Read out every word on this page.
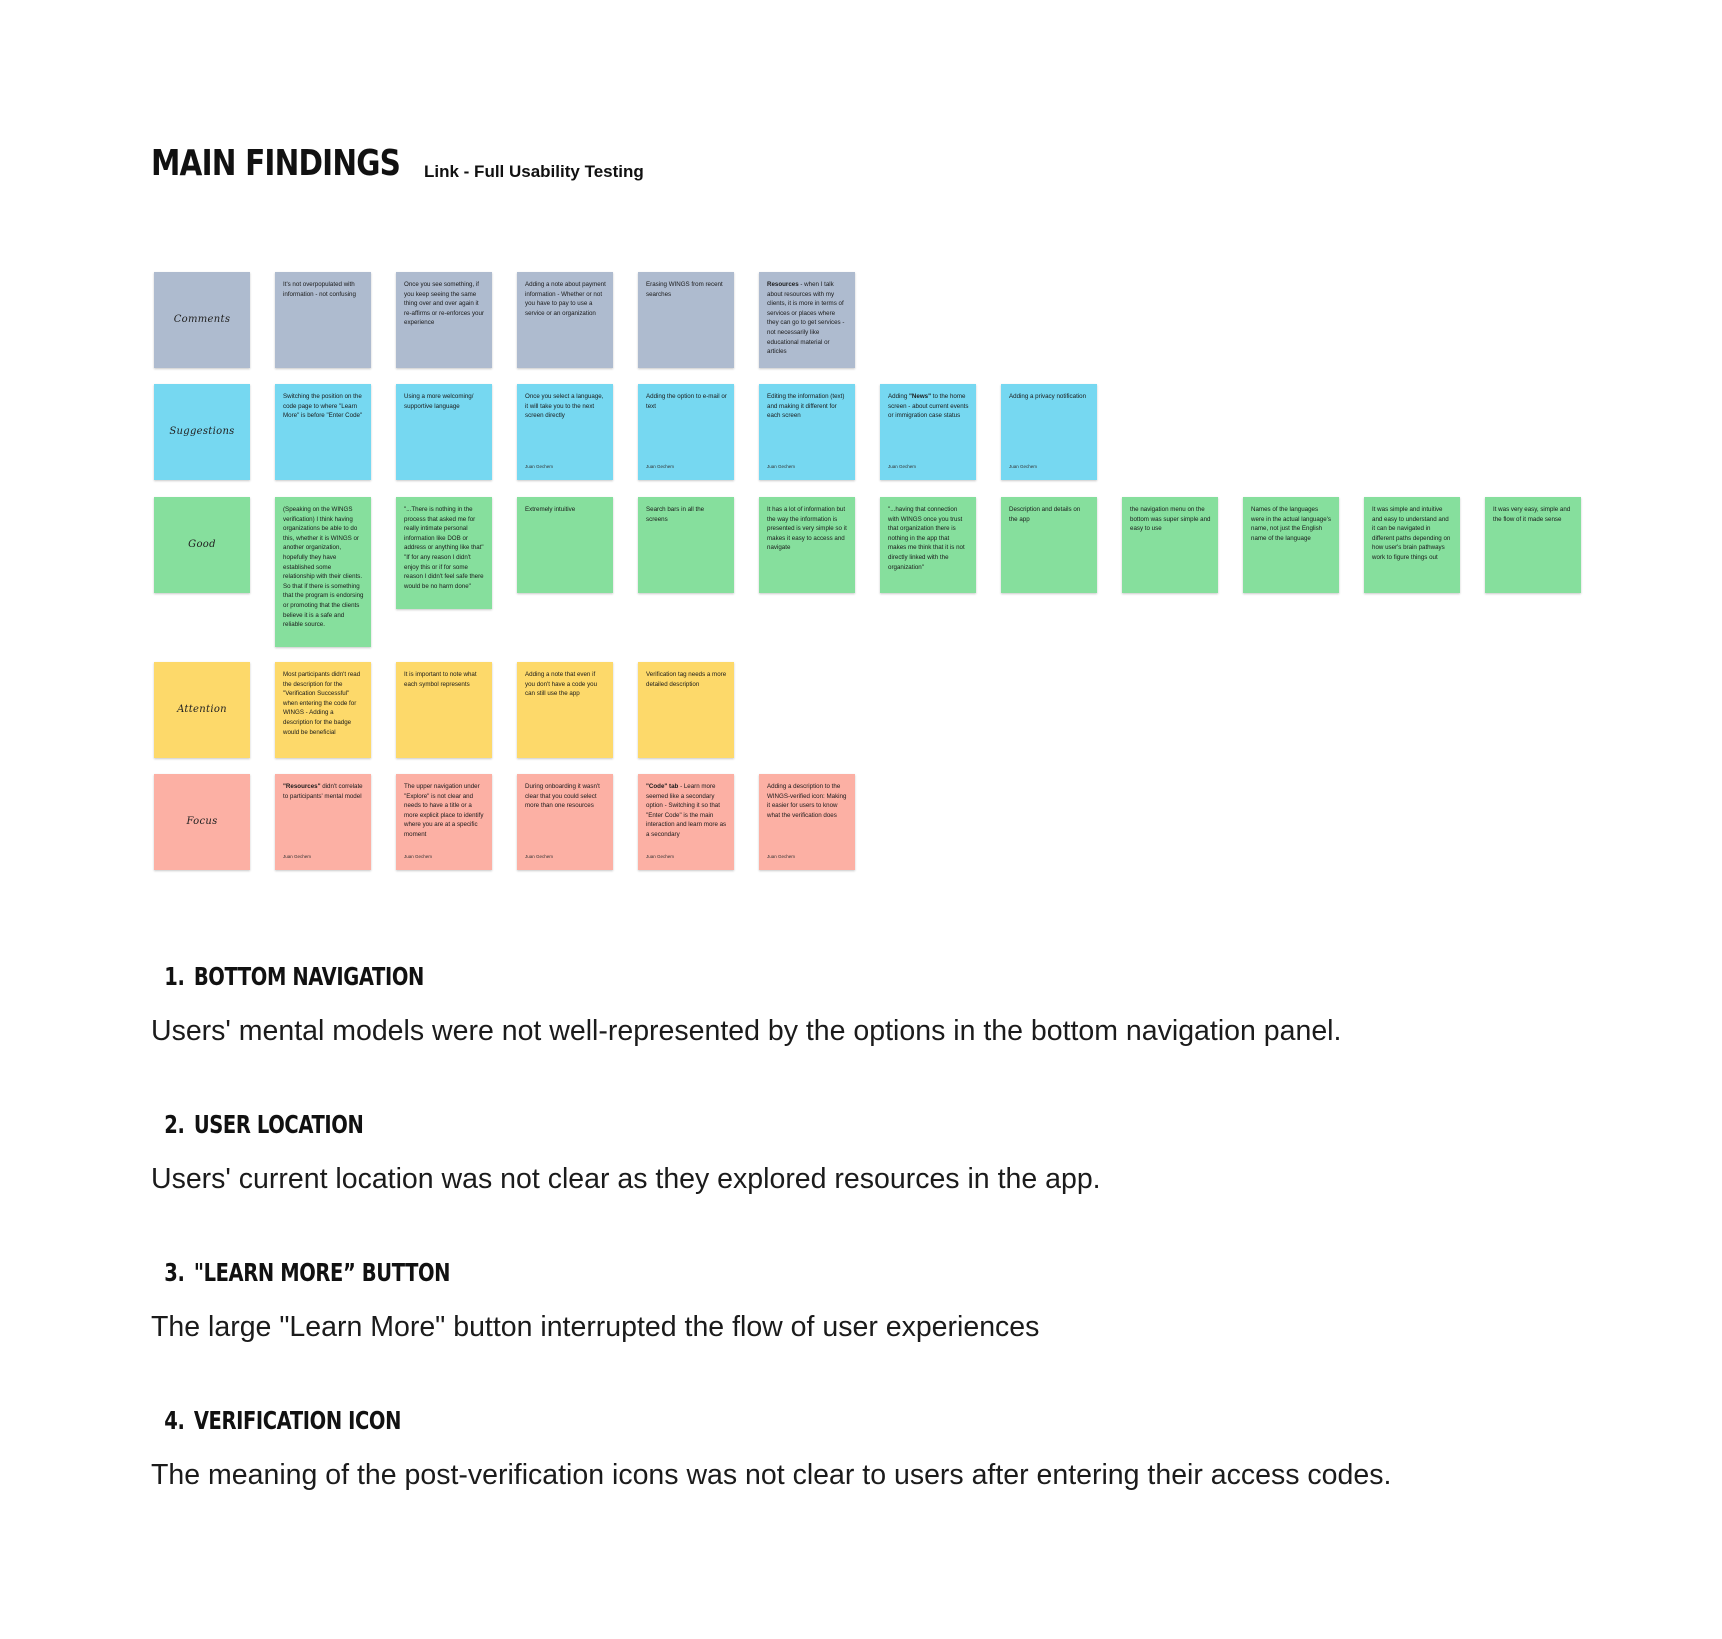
MAIN FINDINGS Link - Full Usability Testing
Comments
It's not overpopulated with information - not confusing
Once you see something, if you keep seeing the same thing over and over again it re-affirms or re-enforces your experience
Adding a note about payment information - Whether or not you have to pay to use a service or an organization
Erasing WINGS from recent searches
Resources - when I talk about resources with my clients, it is more in terms of services or places where they can go to get services - not necessarily like educational material or articles
Suggestions
Switching the position on the code page to where "Learn More" is before "Enter Code"
Using a more welcoming/ supportive language
Once you select a language, it will take you to the next screen directly
Juan Gechem
Adding the option to e-mail or text
Juan Gechem
Editing the information (text) and making it different for each screen
Juan Gechem
Adding "News" to the home screen - about current events or immigration case status
Juan Gechem
Adding a privacy notification
Juan Gechem
Good
(Speaking on the WINGS verification) I think having organizations be able to do this, whether it is WINGS or another organization, hopefully they have established some relationship with their clients. So that if there is something that the program is endorsing or promoting that the clients believe it is a safe and reliable source.
"...There is nothing in the process that asked me for really intimate personal information like DOB or address or anything like that" "If for any reason I didn't enjoy this or if for some reason I didn't feel safe there would be no harm done"
Extremely intuitive	Search bars in all the screens
It has a lot of information but the way the information is presented is very simple so it makes it easy to access and navigate
"...having that connection with WINGS once you trust that organization there is nothing in the app that makes me think that it is not directly linked with the organization"
Description and details on the app
the navigation menu on the bottom was super simple and easy to use
Names of the languages were in the actual language's name, not just the English name of the language
It was simple and intuitive and easy to understand and it can be navigated in different paths depending on how user's brain pathways work to figure things out
It was very easy, simple and the flow of it made sense
Attention
Most participants didn't read the description for the "Verification Successful" when entering the code for WINGS - Adding a description for the badge would be beneficial
It is important to note what each symbol represents
Adding a note that even if you don't have a code you can still use the app
Verification tag needs a more detailed description
Focus
"Resources" didn't correlate to participants' mental model
Juan Gechem
The upper navigation under "Explore" is not clear and needs to have a title or a more explicit place to identify where you are at a specific moment
Juan Gechem
During onboarding it wasn't clear that you could select more than one resources
Juan Gechem
"Code" tab - Learn more seemed like a secondary option - Switching it so that "Enter Code" is the main interaction and learn more as a secondary
Juan Gechem
Adding a description to the WINGS-verified icon: Making it easier for users to know what the verification does
Juan Gechem
1. BOTTOM NAVIGATION

Users' mental models were not well-represented by the options in the bottom navigation panel.

2. USER LOCATION

Users' current location was not clear as they explored resources in the app.

3. "LEARN MORE” BUTTON

The large "Learn More" button interrupted the flow of user experiences

4. VERIFICATION ICON

The meaning of the post-verification icons was not clear to users after entering their access codes.
